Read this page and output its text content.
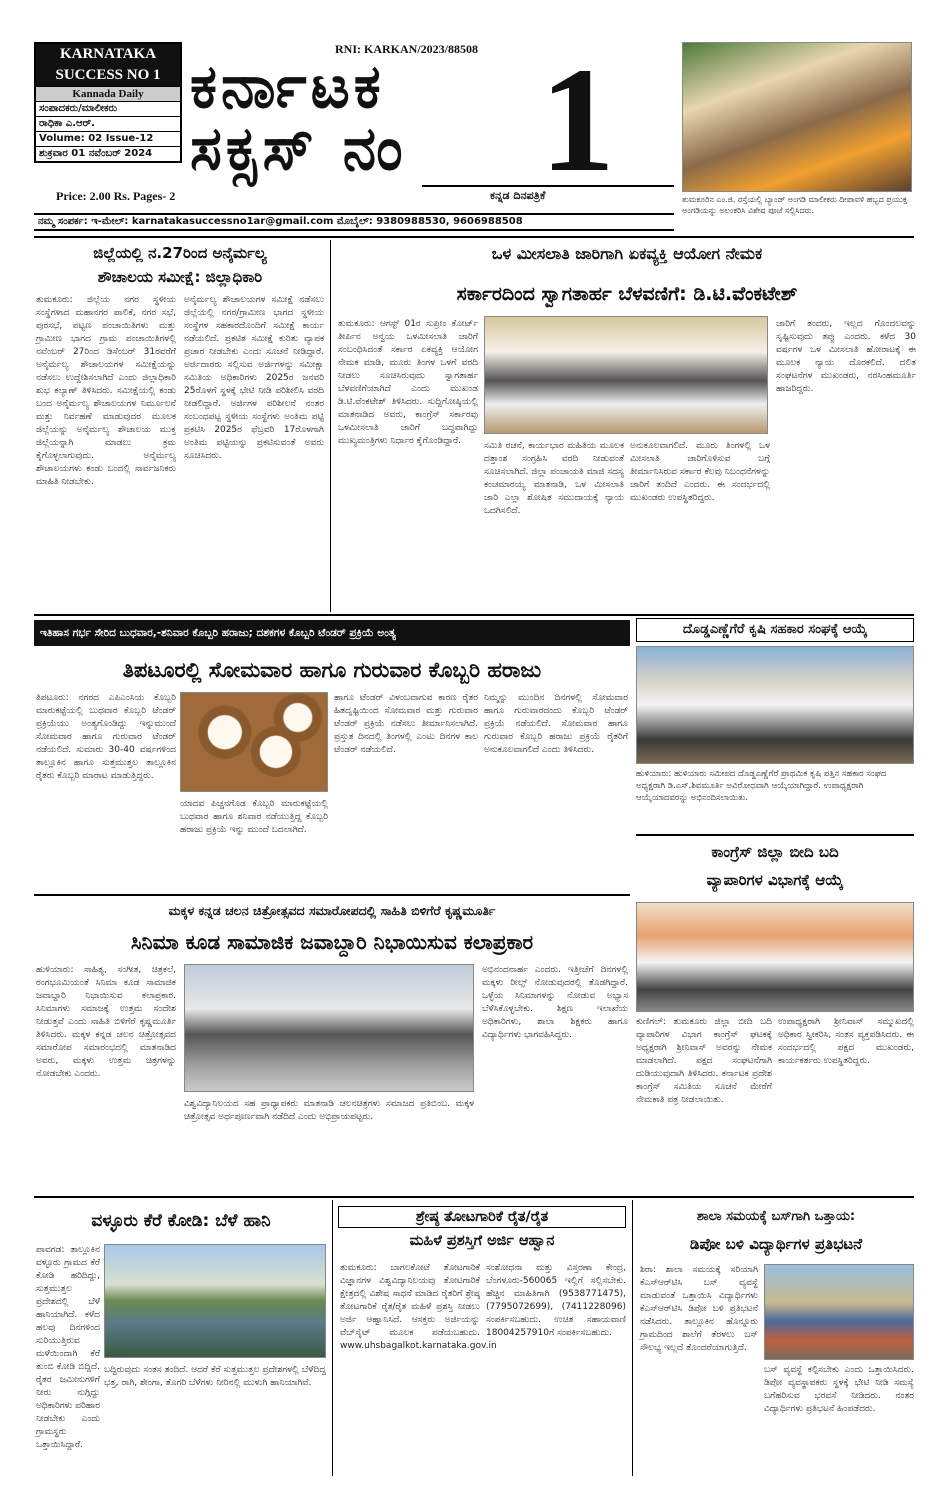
KARNATAKA
SUCCESS NO 1
Kannada Daily
ಸಂಪಾದಕರು/ಮಾಲೀಕರು
ರಾಧಿಕಾ ಎ.ಆರ್.
Volume: 02 Issue-12
ಶುಕ್ರವಾರ 01 ನವೆಂಬರ್ 2024
Price: 2.00 Rs. Pages- 2
RNI: KARKAN/2023/88508
ಕರ್ನಾಟಕ
ಸಕ್ಸಸ್ ನಂ 1
ಕನ್ನಡ ದಿನಪತ್ರಿಕೆ
ನಮ್ಮ ಸಂಪರ್ಕ: ಇ-ಮೇಲ್: karnatakasuccessno1ar@gmail.com ಮೊಬೈಲ್: 9380988530, 9606988508
ತುಮಕೂರಿನ ಎಂ.ಜಿ. ರಸ್ತೆಯಲ್ಲಿ ಬ್ಯಾಂಡ್ ಅಂಗಡಿ ಮಾಲೀಕರು ದೀಪಾವಳಿ ಹಬ್ಬದ ಪ್ರಯುಕ್ತ ಅಂಗಡಿಯನ್ನು ಅಲಂಕರಿಸಿ ವಿಶೇಷ ಪೂಜೆ ಸಲ್ಲಿಸಿದರು.
ಜಿಲ್ಲೆಯಲ್ಲಿ ನ.27ರಿಂದ ಅನೈರ್ಮಲ್ಯ
ಶೌಚಾಲಯ ಸಮೀಕ್ಷೆ: ಜಿಲ್ಲಾಧಿಕಾರಿ
ತುಮಕೂರು: ಜಿಲ್ಲೆಯ ನಗರ ಸ್ಥಳೀಯ ಸಂಸ್ಥೆಗಳಾದ ಮಹಾನಗರ ಪಾಲಿಕೆ, ನಗರ ಸಭೆ, ಪುರಸಭೆ, ಪಟ್ಟಣ ಪಂಚಾಯಿತಿಗಳು ಮತ್ತು ಗ್ರಾಮೀಣ ಭಾಗದ ಗ್ರಾಮ ಪಂಚಾಯಿತಿಗಳಲ್ಲಿ ನವೆಂಬರ್ 27ರಿಂದ ಡಿಸೆಂಬರ್ 31ರವರೆಗೆ ಅನೈರ್ಮಲ್ಯ ಶೌಚಾಲಯಗಳ ಸಮೀಕ್ಷೆಯನ್ನು ನಡೆಸಲು ಉದ್ದೇಶಿಸಲಾಗಿದೆ ಎಂದು ಜಿಲ್ಲಾಧಿಕಾರಿ ಶುಭ ಕಲ್ಯಾಣ್ ತಿಳಿಸಿದರು. ಸಮೀಕ್ಷೆಯಲ್ಲಿ ಕಂಡು ಬಂದ ಅನೈರ್ಮಲ್ಯ ಶೌಚಾಲಯಗಳ ನಿರ್ಮೂಲನೆ ಮತ್ತು ನಿರ್ವಹಣೆ ಮಾಡುವುದರ ಮೂಲಕ ಜಿಲ್ಲೆಯನ್ನು ಅನೈರ್ಮಲ್ಯ ಶೌಚಾಲಯ ಮುಕ್ತ ಜಿಲ್ಲೆಯನ್ನಾಗಿ ಮಾಡಲು ಕ್ರಮ ಕೈಗೊಳ್ಳಲಾಗುವುದು. ಅನೈರ್ಮಲ್ಯ ಶೌಚಾಲಯಗಳು ಕಂಡು ಬಂದಲ್ಲಿ ಸಾರ್ವಜನಿಕರು ಮಾಹಿತಿ ನೀಡಬೇಕು.
ಅನೈರ್ಮಲ್ಯ ಶೌಚಾಲಯಗಳ ಸಮೀಕ್ಷೆ ನಡೆಸಲು ಜಿಲ್ಲೆಯಲ್ಲಿ ನಗರ/ಗ್ರಾಮೀಣ ಭಾಗದ ಸ್ಥಳೀಯ ಸಂಸ್ಥೆಗಳ ಸಹಕಾರದೊಂದಿಗೆ ಸಮೀಕ್ಷೆ ಕಾರ್ಯ ನಡೆಯಲಿದೆ. ಪ್ರಕಟಿತ ಸಮೀಕ್ಷೆ ಕುರಿತು ವ್ಯಾಪಕ ಪ್ರಚಾರ ನೀಡಬೇಕು ಎಂದು ಸೂಚನೆ ನೀಡಿದ್ದಾರೆ. ಅರ್ಜಿದಾರರು ಸಲ್ಲಿಸುವ ಅರ್ಜಿಗಳನ್ನು ಸಮೀಕ್ಷಾ ಸಮಿತಿಯ ಅಧಿಕಾರಿಗಳು 2025ರ ಜನವರಿ 25ರೊಳಗೆ ಸ್ಥಳಕ್ಕೆ ಭೇಟಿ ನೀಡಿ ಪರಿಶೀಲಿಸಿ ವರದಿ ನೀಡಲಿದ್ದಾರೆ. ಅರ್ಜಿಗಳ ಪರಿಶೀಲನೆ ನಂತರ ಸಂಬಂಧಪಟ್ಟ ಸ್ಥಳೀಯ ಸಂಸ್ಥೆಗಳು ಅಂತಿಮ ಪಟ್ಟಿ ಪ್ರಕಟಿಸಿ 2025ರ ಫೆಬ್ರವರಿ 17ರೊಳಗಾಗಿ ಅಂತಿಮ ಪಟ್ಟಿಯನ್ನು ಪ್ರಕಟಿಸುವಂತೆ ಅವರು ಸೂಚಿಸಿದರು.
ಒಳ ಮೀಸಲಾತಿ ಜಾರಿಗಾಗಿ ಏಕವ್ಯಕ್ತಿ ಆಯೋಗ ನೇಮಕ
ಸರ್ಕಾರದಿಂದ ಸ್ವಾಗತಾರ್ಹ ಬೆಳವಣಿಗೆ: ಡಿ.ಟಿ.ವೆಂಕಟೇಶ್
ತುಮಕೂರು: ಆಗಸ್ಟ್ 01ರ ಸುಪ್ರೀಂ ಕೋರ್ಟ್ ತೀರ್ಪಿನ ಅನ್ವಯ ಒಳಮೀಸಲಾತಿ ಜಾರಿಗೆ ಸಂಬಂಧಿಸಿದಂತೆ ಸರ್ಕಾರ ಏಕವ್ಯಕ್ತಿ ಆಯೋಗ ನೇಮಕ ಮಾಡಿ, ಮೂರು ತಿಂಗಳ ಒಳಗೆ ವರದಿ ನೀಡಲು ಸೂಚಿಸಿರುವುದು ಸ್ವಾಗತಾರ್ಹ ಬೆಳವಣಿಗೆಯಾಗಿದೆ ಎಂದು ಮುಖಂಡ ಡಿ.ಟಿ.ವೆಂಕಟೇಶ್ ತಿಳಿಸಿದರು. ಸುದ್ದಿಗೋಷ್ಠಿಯಲ್ಲಿ ಮಾತನಾಡಿದ ಅವರು, ಕಾಂಗ್ರೆಸ್ ಸರ್ಕಾರವು ಒಳಮೀಸಲಾತಿ ಜಾರಿಗೆ ಬದ್ಧವಾಗಿದ್ದು ಮುಖ್ಯಮಂತ್ರಿಗಳು ನಿರ್ಧಾರ ಕೈಗೊಂಡಿದ್ದಾರೆ.	ಸಮಿತಿ ರಚನೆ, ಕಾರ್ಯಭಾರ ಮಹಿತಿಯ ಮೂಲಕ ದತ್ತಾಂಶ ಸಂಗ್ರಹಿಸಿ ವರದಿ ನೀಡುವಂತೆ ಸೂಚಿಸಲಾಗಿದೆ. ಜಿಲ್ಲಾ ಪಂಚಾಯತಿ ಮಾಜಿ ಸದಸ್ಯ ಕಂಚಮಾರಯ್ಯ ಮಾತನಾಡಿ, ಒಳ ಮೀಸಲಾತಿ ಜಾರಿ ಎಲ್ಲಾ ಶೋಷಿತ ಸಮುದಾಯಕ್ಕೆ ನ್ಯಾಯ ಒದಗಿಸಲಿದೆ.
ಅನುಕೂಲವಾಗಲಿದೆ. ಮೂರು ತಿಂಗಳಲ್ಲಿ ಒಳ ಮೀಸಲಾತಿ ಜಾರಿಗೊಳಿಸುವ ಬಗ್ಗೆ ತೀರ್ಮಾನಿಸಿರುವ ಸರ್ಕಾರ ಕೆಲವು ನಿಬಂಧನೆಗಳನ್ನು ಜಾರಿಗೆ ತಂದಿದೆ ಎಂದರು. ಈ ಸಂದರ್ಭದಲ್ಲಿ ಮುಖಂಡರು ಉಪಸ್ಥಿತರಿದ್ದರು.
ಜಾರಿಗೆ ತಂದರು, ಇಲ್ಲದ ಗೊಂದಲವನ್ನು ಸೃಷ್ಟಿಸುವುದು ತಪ್ಪು ಎಂದರು. ಕಳೆದ 30 ವರ್ಷಗಳ ಒಳ ಮೀಸಲಾತಿ ಹೋರಾಟಕ್ಕೆ ಈ ಮೂಲಕ ನ್ಯಾಯ ದೊರಕಲಿದೆ. ದಲಿತ ಸಂಘಟನೆಗಳ ಮುಖಂಡರು, ನರಸಿಂಹಮೂರ್ತಿ ಹಾಜರಿದ್ದರು.
ದೊಡ್ಡಎಣ್ಣೆಗೆರೆ ಕೃಷಿ ಸಹಕಾರ ಸಂಘಕ್ಕೆ ಆಯ್ಕೆ
ಹುಳಿಯಾರು: ಹುಳಿಯಾರು ಸಮೀಪದ ದೊಡ್ಡಎಣ್ಣೆಗೆರೆ ಪ್ರಾಥಮಿಕ ಕೃಷಿ ಪತ್ತಿನ ಸಹಕಾರ ಸಂಘದ ಅಧ್ಯಕ್ಷರಾಗಿ ಡಿ.ಎಸ್.ಶಿವಮೂರ್ತಿ ಅವಿರೋಧವಾಗಿ ಆಯ್ಕೆಯಾಗಿದ್ದಾರೆ. ಉಪಾಧ್ಯಕ್ಷರಾಗಿ ಆಯ್ಕೆಯಾದವರನ್ನು ಅಭಿನಂದಿಸಲಾಯಿತು.
ಇತಿಹಾಸ ಗರ್ಭ ಸೇರಿದ ಬುಧವಾರ,-ಶನಿವಾರ ಕೊಬ್ಬರಿ ಹರಾಜು; ದಶಕಗಳ ಕೊಬ್ಬರಿ ಟೆಂಡರ್ ಪ್ರಕ್ರಿಯೆ ಅಂತ್ಯ
ತಿಪಟೂರಲ್ಲಿ ಸೋಮವಾರ ಹಾಗೂ ಗುರುವಾರ ಕೊಬ್ಬರಿ ಹರಾಜು
ತಿಪಟೂರು: ನಗರದ ಎಪಿಎಂಸಿಯ ಕೊಬ್ಬರಿ ಮಾರುಕಟ್ಟೆಯಲ್ಲಿ ಬುಧವಾರ ಕೊಬ್ಬರಿ ಟೆಂಡರ್ ಪ್ರಕ್ರಿಯೆಯು ಅಂತ್ಯಗೊಂಡಿದ್ದು ಇನ್ನುಮುಂದೆ ಸೋಮವಾರ ಹಾಗೂ ಗುರುವಾರ ಟೆಂಡರ್ ನಡೆಯಲಿದೆ. ಸುಮಾರು 30-40 ವರ್ಷಗಳಿಂದ ತಾಲ್ಲೂಕಿನ ಹಾಗೂ ಸುತ್ತಮುತ್ತಲ ತಾಲ್ಲೂಕಿನ ರೈತರು ಕೊಬ್ಬರಿ ಮಾರಾಟ ಮಾಡುತ್ತಿದ್ದರು.
ಯಾದವ ಪಿಚ್ಚನಗೊಡ ಕೊಬ್ಬರಿ ಮಾರುಕಟ್ಟೆಯಲ್ಲಿ ಬುಧವಾರ ಹಾಗೂ ಶನಿವಾರ ನಡೆಯುತ್ತಿದ್ದ ಕೊಬ್ಬರಿ ಹರಾಜು ಪ್ರಕ್ರಿಯೆ ಇನ್ನು ಮುಂದೆ ಬದಲಾಗಿದೆ.
ಹಾಗೂ ಟೆಂಡರ್ ವಿಳಂಬವಾಗುವ ಕಾರಣ ರೈತರ ಹಿತದೃಷ್ಟಿಯಿಂದ ಸೋಮವಾರ ಮತ್ತು ಗುರುವಾರ ಟೆಂಡರ್ ಪ್ರಕ್ರಿಯೆ ನಡೆಸಲು ತೀರ್ಮಾನಿಸಲಾಗಿದೆ. ಪ್ರಸ್ತುತ ದಿನದಲ್ಲಿ ತಿಂಗಳಲ್ಲಿ ಎಂಟು ದಿನಗಳ ಕಾಲ ಟೆಂಡರ್ ನಡೆಯಲಿದೆ.
ನಿಮ್ಮನ್ನು ಮುಂದಿನ ದಿನಗಳಲ್ಲಿ ಸೋಮವಾರ ಹಾಗೂ ಗುರುವಾರದಂದು ಕೊಬ್ಬರಿ ಟೆಂಡರ್ ಪ್ರಕ್ರಿಯೆ ನಡೆಯಲಿದೆ. ಸೋಮವಾರ ಹಾಗೂ ಗುರುವಾರ ಕೊಬ್ಬರಿ ಹರಾಜು ಪ್ರಕ್ರಿಯೆ ರೈತರಿಗೆ ಅನುಕೂಲವಾಗಲಿದೆ ಎಂದು ತಿಳಿಸಿದರು.
ಕಾಂಗ್ರೆಸ್ ಜಿಲ್ಲಾ ಬೀದಿ ಬದಿ
ವ್ಯಾಪಾರಿಗಳ ವಿಭಾಗಕ್ಕೆ ಆಯ್ಕೆ
ಕುಣಿಗಲ್: ತುಮಕೂರು ಜಿಲ್ಲಾ ಬೀದಿ ಬದಿ ವ್ಯಾಪಾರಿಗಳ ವಿಭಾಗ ಕಾಂಗ್ರೆಸ್ ಘಟಕಕ್ಕೆ ಅಧ್ಯಕ್ಷರಾಗಿ ಶ್ರೀನಿವಾಸ್ ಅವರನ್ನು ನೇಮಕ ಮಾಡಲಾಗಿದೆ. ಪಕ್ಷದ ಸಂಘಟನೆಗಾಗಿ ದುಡಿಯುವುದಾಗಿ ತಿಳಿಸಿದರು. ಕರ್ನಾಟಕ ಪ್ರದೇಶ ಕಾಂಗ್ರೆಸ್ ಸಮಿತಿಯ ಸೂಚನೆ ಮೇರೆಗೆ ನೇಮಕಾತಿ ಪತ್ರ ನೀಡಲಾಯಿತು.
ಉಪಾಧ್ಯಕ್ಷರಾಗಿ ಶ್ರೀನಿವಾಸ್ ಸಮ್ಮುಖದಲ್ಲಿ ಅಧಿಕಾರ ಸ್ವೀಕರಿಸಿ, ಸಂತಸ ವ್ಯಕ್ತಪಡಿಸಿದರು. ಈ ಸಂದರ್ಭದಲ್ಲಿ ಪಕ್ಷದ ಮುಖಂಡರು, ಕಾರ್ಯಕರ್ತರು ಉಪಸ್ಥಿತರಿದ್ದರು.
ಮಕ್ಕಳ ಕನ್ನಡ ಚಲನ ಚಿತ್ರೋತ್ಸವದ ಸಮಾರೋಪದಲ್ಲಿ ಸಾಹಿತಿ ಬಿಳಿಗೆರೆ ಕೃಷ್ಣಮೂರ್ತಿ
ಸಿನಿಮಾ ಕೂಡ ಸಾಮಾಜಿಕ ಜವಾಬ್ದಾರಿ ನಿಭಾಯಿಸುವ ಕಲಾಪ್ರಕಾರ
ಹುಳಿಯಾರು: ಸಾಹಿತ್ಯ, ಸಂಗೀತ, ಚಿತ್ರಕಲೆ, ರಂಗಭೂಮಿಯಂತೆ ಸಿನಿಮಾ ಕೂಡ ಸಾಮಾಜಿಕ ಜವಾಬ್ದಾರಿ ನಿಭಾಯಿಸುವ ಕಲಾಪ್ರಕಾರ. ಸಿನಿಮಾಗಳು ಸಮಾಜಕ್ಕೆ ಉತ್ತಮ ಸಂದೇಶ ನೀಡುತ್ತವೆ ಎಂದು ಸಾಹಿತಿ ಬಿಳಿಗೆರೆ ಕೃಷ್ಣಮೂರ್ತಿ ತಿಳಿಸಿದರು. ಮಕ್ಕಳ ಕನ್ನಡ ಚಲನ ಚಿತ್ರೋತ್ಸವದ ಸಮಾರೋಪ ಸಮಾರಂಭದಲ್ಲಿ ಮಾತನಾಡಿದ ಅವರು, ಮಕ್ಕಳು ಉತ್ತಮ ಚಿತ್ರಗಳನ್ನು ನೋಡಬೇಕು ಎಂದರು.
ವಿಶ್ವವಿದ್ಯಾನಿಲಯದ ಸಹ ಪ್ರಾಧ್ಯಾಪಕರು ಮಾತನಾಡಿ ಚಲನಚಿತ್ರಗಳು ಸಮಾಜದ ಪ್ರತಿಬಿಂಬ. ಮಕ್ಕಳ ಚಿತ್ರೋತ್ಸವ ಅರ್ಥಪೂರ್ಣವಾಗಿ ನಡೆದಿದೆ ಎಂದು ಅಭಿಪ್ರಾಯಪಟ್ಟರು.
ಅಭಿನಂದನಾರ್ಹ ಎಂದರು. ಇತ್ತೀಚೆಗೆ ದಿನಗಳಲ್ಲಿ ಮಕ್ಕಳು ರೀಲ್ಸ್ ನೋಡುವುದರಲ್ಲಿ ತೊಡಗಿದ್ದಾರೆ. ಒಳ್ಳೆಯ ಸಿನಿಮಾಗಳನ್ನು ನೋಡುವ ಅಭ್ಯಾಸ ಬೆಳೆಸಿಕೊಳ್ಳಬೇಕು. ಶಿಕ್ಷಣ ಇಲಾಖೆಯ ಅಧಿಕಾರಿಗಳು, ಶಾಲಾ ಶಿಕ್ಷಕರು ಹಾಗೂ ವಿದ್ಯಾರ್ಥಿಗಳು ಭಾಗವಹಿಸಿದ್ದರು.
ವಳ್ಳೂರು ಕೆರೆ ಕೋಡಿ: ಬೆಳೆ ಹಾನಿ
ಪಾವಗಡ: ತಾಲ್ಲೂಕಿನ ವಳ್ಳೂರು ಗ್ರಾಮದ ಕೆರೆ ಕೋಡಿ ಹರಿದಿದ್ದು, ಸುತ್ತಮುತ್ತಲ ಪ್ರದೇಶದಲ್ಲಿ ಬೆಳೆ ಹಾನಿಯಾಗಿದೆ. ಕಳೆದ ಹಲವು ದಿನಗಳಿಂದ ಸುರಿಯುತ್ತಿರುವ ಮಳೆಯಿಂದಾಗಿ ಕೆರೆ ತುಂಬಿ ಕೋಡಿ ಬಿದ್ದಿದೆ. ರೈತರ ಜಮೀನುಗಳಿಗೆ ನೀರು ನುಗ್ಗಿದ್ದು ಅಧಿಕಾರಿಗಳು ಪರಿಹಾರ ನೀಡಬೇಕು ಎಂದು ಗ್ರಾಮಸ್ಥರು ಒತ್ತಾಯಿಸಿದ್ದಾರೆ.
ಬದ್ದಿರುವುದು ಸಂತಸ ತಂದಿದೆ. ಆದರೆ ಕೆರೆ ಸುತ್ತಮುತ್ತಲ ಪ್ರದೇಶಗಳಲ್ಲಿ ಬೆಳೆದಿದ್ದ ಭತ್ತ, ರಾಗಿ, ಶೇಂಗಾ, ತೊಗರಿ ಬೆಳೆಗಳು ನೀರಿನಲ್ಲಿ ಮುಳುಗಿ ಹಾನಿಯಾಗಿವೆ.
ಶ್ರೇಷ್ಠ ತೋಟಗಾರಿಕೆ ರೈತ/ರೈತ
ಮಹಿಳೆ ಪ್ರಶಸ್ತಿಗೆ ಅರ್ಜಿ ಆಹ್ವಾನ
ತುಮಕೂರು: ಬಾಗಲಕೋಟೆ ತೋಟಗಾರಿಕೆ ವಿಜ್ಞಾನಗಳ ವಿಶ್ವವಿದ್ಯಾನಿಲಯವು ತೋಟಗಾರಿಕೆ ಕ್ಷೇತ್ರದಲ್ಲಿ ವಿಶೇಷ ಸಾಧನೆ ಮಾಡಿದ ರೈತರಿಗೆ ಶ್ರೇಷ್ಠ ತೋಟಗಾರಿಕೆ ರೈತ/ರೈತ ಮಹಿಳೆ ಪ್ರಶಸ್ತಿ ನೀಡಲು ಅರ್ಜಿ ಆಹ್ವಾನಿಸಿದೆ. ಆಸಕ್ತರು ಅರ್ಜಿಯನ್ನು ವೆಬ್‌ಸೈಟ್ ಮೂಲಕ ಪಡೆಯಬಹುದು. www.uhsbagalkot.karnataka.gov.in
ಸಂಶೋಧನಾ ಮತ್ತು ವಿಸ್ತರಣಾ ಕೇಂದ್ರ, ಬೆಂಗಳೂರು-560065 ಇಲ್ಲಿಗೆ ಸಲ್ಲಿಸಬೇಕು. ಹೆಚ್ಚಿನ ಮಾಹಿತಿಗಾಗಿ (9538771475), (7795072699), (7411228096) ಸಂಪರ್ಕಿಸಬಹುದು. ಉಚಿತ ಸಹಾಯವಾಣಿ 18004257910ಗೆ ಸಂಪರ್ಕಿಸಬಹುದು.
ಶಾಲಾ ಸಮಯಕ್ಕೆ ಬಸ್‌ಗಾಗಿ ಒತ್ತಾಯ:
ಡಿಪೋ ಬಳಿ ವಿದ್ಯಾರ್ಥಿಗಳ ಪ್ರತಿಭಟನೆ
ಶಿರಾ: ಶಾಲಾ ಸಮಯಕ್ಕೆ ಸರಿಯಾಗಿ ಕೆಎಸ್‌ಆರ್‌ಟಿಸಿ ಬಸ್ ವ್ಯವಸ್ಥೆ ಮಾಡುವಂತೆ ಒತ್ತಾಯಿಸಿ ವಿದ್ಯಾರ್ಥಿಗಳು ಕೆಎಸ್‌ಆರ್‌ಟಿಸಿ ಡಿಪೋ ಬಳಿ ಪ್ರತಿಭಟನೆ ನಡೆಸಿದರು. ತಾಲ್ಲೂಕಿನ ಹೊನ್ನೂರು ಗ್ರಾಮದಿಂದ ಶಾಲೆಗೆ ತೆರಳಲು ಬಸ್ ಸೌಲಭ್ಯ ಇಲ್ಲದೆ ತೊಂದರೆಯಾಗುತ್ತಿದೆ.
ಬಸ್ ವ್ಯವಸ್ಥೆ ಕಲ್ಪಿಸಬೇಕು ಎಂದು ಒತ್ತಾಯಿಸಿದರು. ಡಿಪೋ ವ್ಯವಸ್ಥಾಪಕರು ಸ್ಥಳಕ್ಕೆ ಭೇಟಿ ನೀಡಿ ಸಮಸ್ಯೆ ಬಗೆಹರಿಸುವ ಭರವಸೆ ನೀಡಿದರು. ನಂತರ ವಿದ್ಯಾರ್ಥಿಗಳು ಪ್ರತಿಭಟನೆ ಹಿಂಪಡೆದರು.
